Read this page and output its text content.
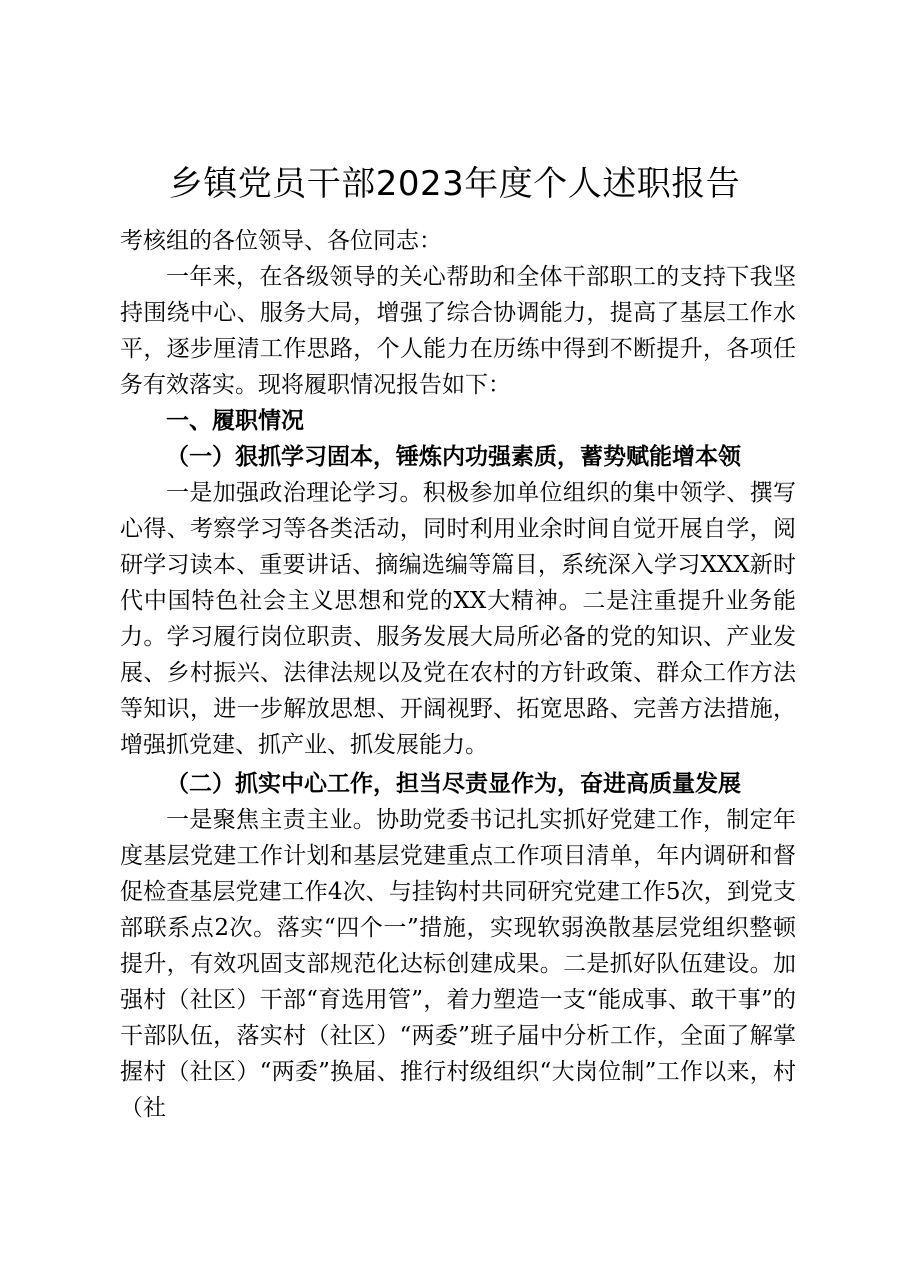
乡镇党员干部2023年度个人述职报告

考核组的各位领导、各位同志：

一年来，在各级领导的关心帮助和全体干部职工的支持下我坚持围绕中心、服务大局，增强了综合协调能力，提高了基层工作水平，逐步厘清工作思路，个人能力在历练中得到不断提升，各项任务有效落实。现将履职情况报告如下：

一、履职情况

（一）狠抓学习固本，锤炼内功强素质，蓄势赋能增本领

一是加强政治理论学习。积极参加单位组织的集中领学、撰写心得、考察学习等各类活动，同时利用业余时间自觉开展自学，阅研学习读本、重要讲话、摘编选编等篇目，系统深入学习XXX新时代中国特色社会主义思想和党的XX大精神。二是注重提升业务能力。学习履行岗位职责、服务发展大局所必备的党的知识、产业发展、乡村振兴、法律法规以及党在农村的方针政策、群众工作方法等知识，进一步解放思想、开阔视野、拓宽思路、完善方法措施，增强抓党建、抓产业、抓发展能力。

（二）抓实中心工作，担当尽责显作为，奋进高质量发展

一是聚焦主责主业。协助党委书记扎实抓好党建工作，制定年度基层党建工作计划和基层党建重点工作项目清单，年内调研和督促检查基层党建工作4次、与挂钩村共同研究党建工作5次，到党支部联系点2次。落实“四个一”措施，实现软弱涣散基层党组织整顿提升，有效巩固支部规范化达标创建成果。二是抓好队伍建设。加强村（社区）干部“育选用管”，着力塑造一支“能成事、敢干事”的干部队伍，落实村（社区）“两委”班子届中分析工作，全面了解掌握村（社区）“两委”换届、推行村级组织“大岗位制”工作以来，村（社
